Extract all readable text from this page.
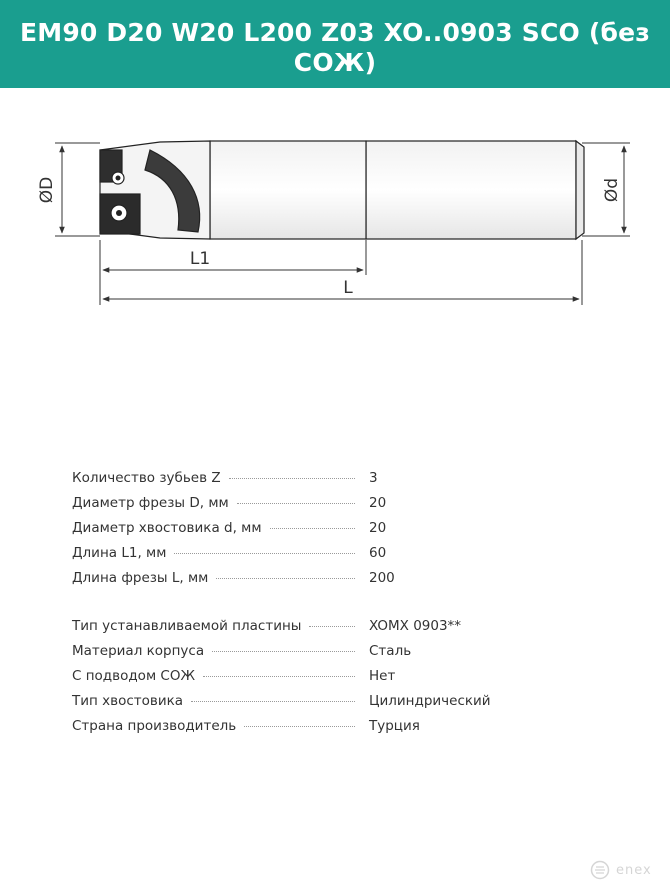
EM90 D20 W20 L200 Z03 XO..0903 SCO (без СОЖ)
ØD	Ød
L1
L
Количество зубьев Z	3
Диаметр фрезы D, мм	20
Диаметр хвостовика d, мм	20
Длина L1, мм	60
Длина фрезы L, мм	200
Тип устанавливаемой пластины	XOMX 0903**
Материал корпуса	Сталь
С подводом СОЖ	Нет
Тип хвостовика	Цилиндрический
Страна производитель	Турция
enex
